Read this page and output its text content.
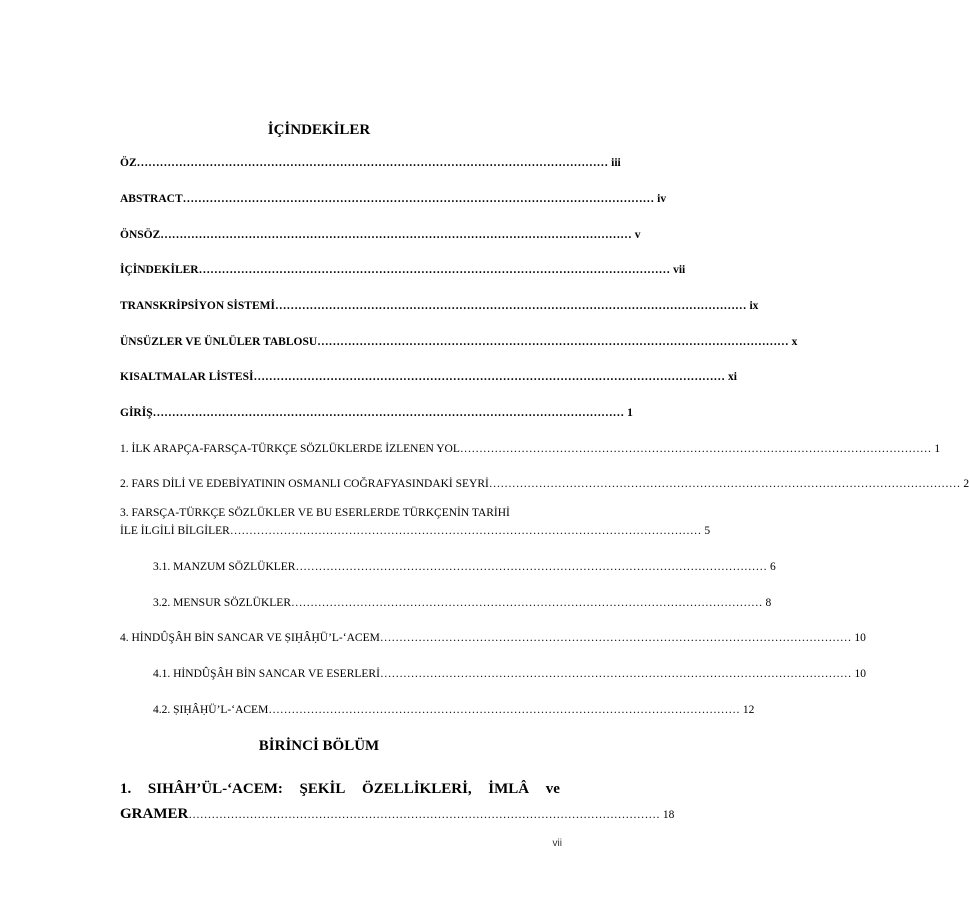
İÇİNDEKİLER
ÖZ …………………………………………………………………………………………………………… iii
ABSTRACT …………………………………………………………………………………………………………… iv
ÖNSÖZ …………………………………………………………………………………………………………… v
İÇİNDEKİLER …………………………………………………………………………………………………………… vii
TRANSKRİPSİYON SİSTEMİ …………………………………………………………………………………………………………… ix
ÜNSÜZLER VE ÜNLÜLER TABLOSU …………………………………………………………………………………………………………… x
KISALTMALAR LİSTESİ …………………………………………………………………………………………………………… xi
GİRİŞ …………………………………………………………………………………………………………… 1
1. İLK ARAPÇA-FARSÇA-TÜRKÇE SÖZLÜKLERDE İZLENEN YOL …………………………………………………………………………………………………………… 1
2. FARS DİLİ VE EDEBİYATININ OSMANLI COĞRAFYASINDAKİ SEYRİ …………………………………………………………………………………………………………… 2
3. FARSÇA-TÜRKÇE SÖZLÜKLER VE BU ESERLERDE TÜRKÇENİN TARİHİ
İLE İLGİLİ BİLGİLER …………………………………………………………………………………………………………… 5
3.1. MANZUM SÖZLÜKLER …………………………………………………………………………………………………………… 6
3.2. MENSUR SÖZLÜKLER …………………………………………………………………………………………………………… 8
4. HİNDÛŞÂH BİN SANCAR VE ṢIḤÂḤÜ’L-‘ACEM …………………………………………………………………………………………………………… 10
4.1. HİNDÛŞÂH BİN SANCAR VE ESERLERİ …………………………………………………………………………………………………………… 10
4.2. ṢIḤÂḤÜ’L-‘ACEM …………………………………………………………………………………………………………… 12
BİRİNCİ BÖLÜM
1. SIHÂH’ÜL-‘ACEM: ŞEKİL ÖZELLİKLERİ, İMLÂ ve
GRAMER …………………………………………………………………………………………………………… 18
vii
